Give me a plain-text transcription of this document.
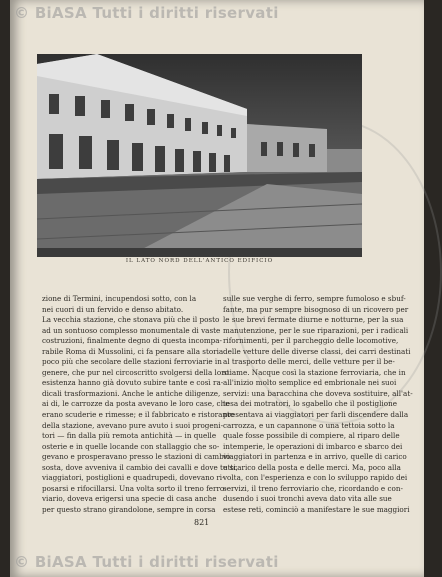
© BiASA Tutti i diritti riservati
IL LATO NORD DELL'ANTICO EDIFICIO
zione di Termini, incupendosi sotto, con la
nei cuori di un fervido e denso abitato.
La vecchia stazione, che stonava più che il posto
ad un sontuoso complesso monumentale di vaste
costruzioni, finalmente degno di questa incompa-
rabile Roma di Mussolini, ci fa pensare alla storia
poco più che secolare delle stazioni ferroviarie in
genere, che pur nel circoscritto svolgersi della loro
esistenza hanno già dovuto subire tante e così ra-
dicali trasformazioni. Anche le antiche diligenze,
ai di, le carrozze da posta avevano le loro case, che
erano scuderie e rimesse; e il fabbricato e ristorante
della stazione, avevano pure avuto i suoi progeni-
tori — fin dalla più remota antichità — in quelle
osterie e in quelle locande con stallaggio che so-
gevano e prosperavano presso le stazioni di cambio
sosta, dove avveniva il cambio dei cavalli e dove tutti,
viaggiatori, postiglioni e quadrupedi, dovevano ri-
posarsi e rifocillarsi. Una volta sorto il treno ferro-
viario, doveva erigersi una specie di casa anche
per questo strano girandolone, sempre in corsa
sulle sue verghe di ferro, sempre fumoloso e sbuf-
fante, ma pur sempre bisognoso di un ricovero per
le sue brevi fermate diurne e notturne, per la sua
manutenzione, per le sue riparazioni, per i radicali
rifornimenti, per il parcheggio delle locomotive,
delle vetture delle diverse classi, dei carri destinati
al trasporto delle merci, delle vetture per il be-
stiame. Nacque così la stazione ferroviaria, che in
all'inizio molto semplice ed embrionale nei suoi
servizi: una baracchina che doveva sostituire, all'at-
tesa dei motratori, lo sgabello che il postiglione
presentava ai viaggiatori per farli discendere dalla
carrozza, e un capannone o una tettoia sotto la
quale fosse possibile di compiere, al riparo delle
intemperie, le operazioni di imbarco e sbarco dei
viaggiatori in partenza e in arrivo, quelle di carico
e scarico della posta e delle merci. Ma, poco alla
volta, con l'esperienza e con lo sviluppo rapido dei
servizi, il treno ferroviario che, ricordando e con-
dusendo i suoi tronchi aveva dato vita alle sue
estese reti, cominciò a manifestare le sue maggiori
821
© BiASA Tutti i diritti riservati
